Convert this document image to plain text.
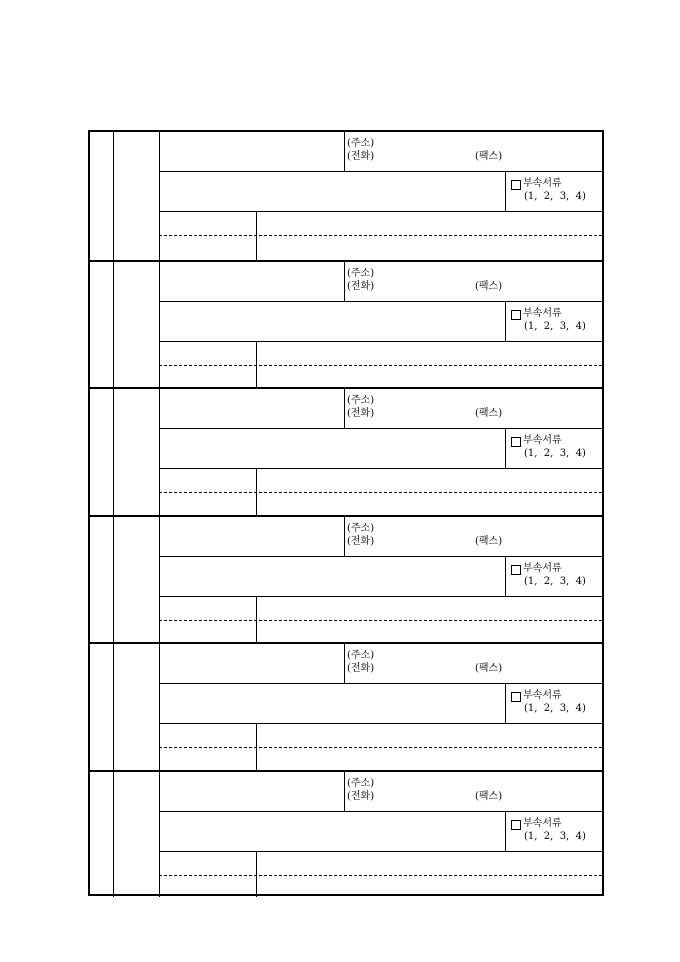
(주소)
(전화)	(팩스)
부속서류
(1,  2,  3,  4)
(주소)
(전화)	(팩스)
부속서류
(1,  2,  3,  4)
(주소)
(전화)	(팩스)
부속서류
(1,  2,  3,  4)
(주소)
(전화)	(팩스)
부속서류
(1,  2,  3,  4)
(주소)
(전화)	(팩스)
부속서류
(1,  2,  3,  4)
(주소)
(전화)	(팩스)
부속서류
(1,  2,  3,  4)
